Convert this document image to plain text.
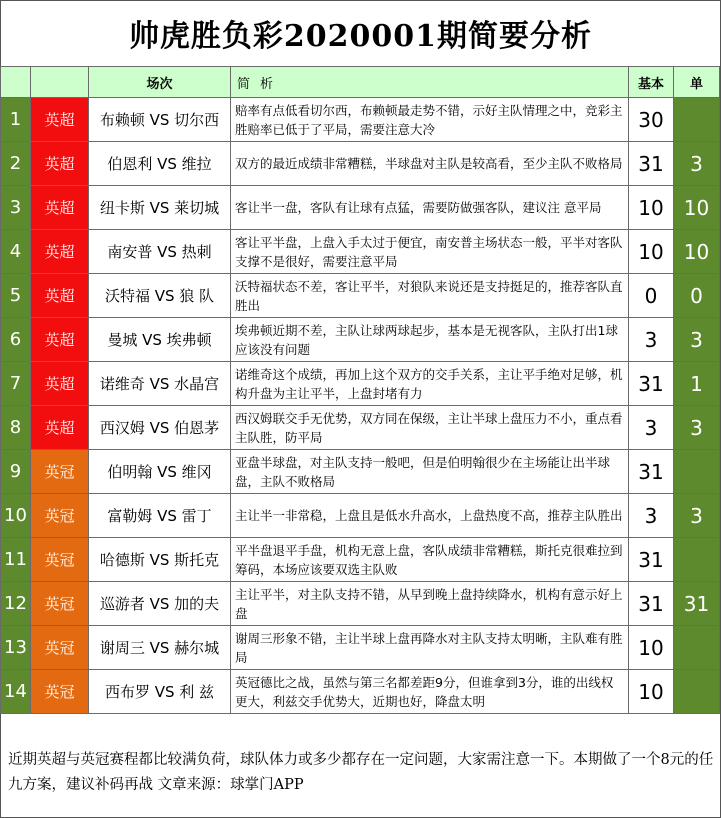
帅虎胜负彩2020001期简要分析
		场次	简析	基本	单
1	英超	布赖顿 VS 切尔西	赔率有点低看切尔西，布赖顿最走势不错，示好主队情理之中，竞彩主胜赔率已低于了平局，需要注意大冷	30	
2	英超	伯恩利 VS 维拉	双方的最近成绩非常糟糕，半球盘对主队是较高看，至少主队不败格局	31	3
3	英超	纽卡斯 VS 莱切城	客让半一盘，客队有让球有点猛，需要防做强客队，建议注 意平局	10	10
4	英超	南安普 VS 热刺	客让平半盘，上盘入手太过于便宜，南安普主场状态一般，平半对客队支撑不是很好，需要注意平局	10	10
5	英超	沃特福 VS 狼 队	沃特福状态不差，客让平半，对狼队来说还是支持挺足的，推荐客队直胜出	0	0
6	英超	曼城 VS 埃弗顿	埃弗顿近期不差，主队让球两球起步，基本是无视客队，主队打出1球应该没有问题	3	3
7	英超	诺维奇 VS 水晶宫	诺维奇这个成绩，再加上这个双方的交手关系，主让平手绝对足够，机构升盘为主让平半，上盘封堵有力	31	1
8	英超	西汉姆 VS 伯恩茅	西汉姆联交手无优势，双方同在保级，主让半球上盘压力不小，重点看主队胜，防平局	3	3
9	英冠	伯明翰 VS 维冈	亚盘半球盘，对主队支持一般吧，但是伯明翰很少在主场能让出半球盘，主队不败格局	31	
10	英冠	富勒姆 VS 雷丁	主让半一非常稳，上盘且是低水升高水，上盘热度不高，推荐主队胜出	3	3
11	英冠	哈德斯 VS 斯托克	平半盘退平手盘，机构无意上盘，客队成绩非常糟糕，斯托克很难拉到筹码，本场应该要双选主队败	31	
12	英冠	巡游者 VS 加的夫	主让平半，对主队支持不错，从早到晚上盘持续降水，机构有意示好上盘	31	31
13	英冠	谢周三 VS 赫尔城	谢周三形象不错，主让半球上盘再降水对主队支持太明晰，主队难有胜局	10	
14	英冠	西布罗 VS 利 兹	英冠德比之战，虽然与第三名都差距9分，但谁拿到3分，谁的出线权更大，利兹交手优势大，近期也好，降盘太明	10	
近期英超与英冠赛程都比较满负荷，球队体力或多少都存在一定问题，大家需注意一下。本期做了一个8元的任九方案，建议补码再战 文章来源：球掌门APP
